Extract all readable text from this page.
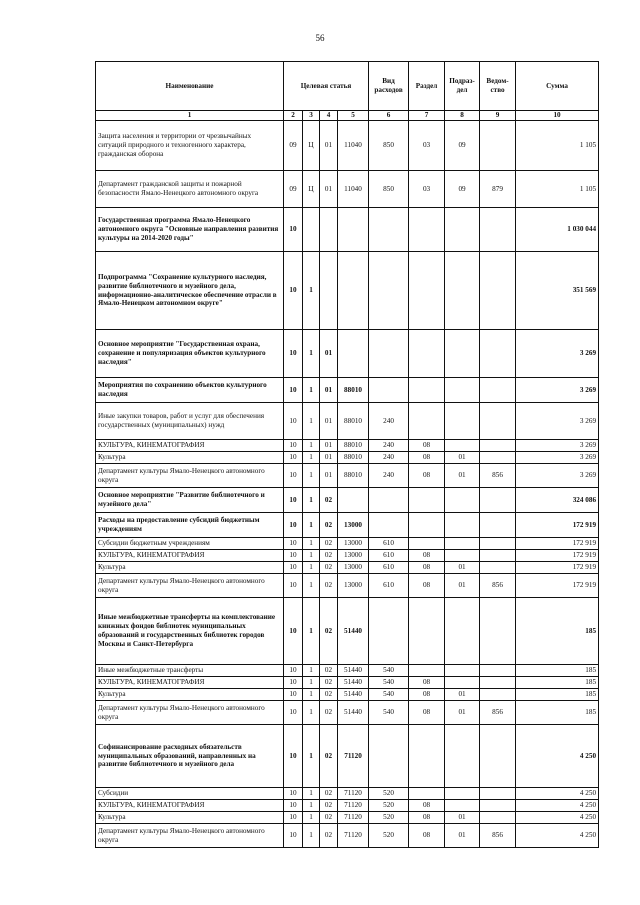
56
Наименование	Целевая статья				Вид расходов	Раздел	Подраз-дел	Ведом-ство	Сумма
1	2	3	4	5	6	7	8	9	10
Защита населения и территории от чрезвычайных ситуаций природного и техногенного характера, гражданская оборона	09	Ц	01	11040	850	03	09		1 105
Департамент гражданской защиты и пожарной безопасности Ямало-Ненецкого автономного округа	09	Ц	01	11040	850	03	09	879	1 105
Государственная программа Ямало-Ненецкого автономного округа "Основные направления развития культуры на 2014-2020 годы"	10								1 030 044
Подпрограмма "Сохранение культурного наследия, развитие библиотечного и музейного дела, информационно-аналитическое обеспечение отрасли в Ямало-Ненецком автономном округе"	10	1							351 569
Основное мероприятие "Государственная охрана, сохранение и популяризация объектов культурного наследия"	10	1	01						3 269
Мероприятия по сохранению объектов культурного наследия	10	1	01	88010					3 269
Иные закупки товаров, работ и услуг для обеспечения государственных (муниципальных) нужд	10	1	01	88010	240				3 269
КУЛЬТУРА, КИНЕМАТОГРАФИЯ	10	1	01	88010	240	08			3 269
Культура	10	1	01	88010	240	08	01		3 269
Департамент культуры Ямало-Ненецкого автономного округа	10	1	01	88010	240	08	01	856	3 269
Основное мероприятие "Развитие библиотечного и музейного дела"	10	1	02						324 086
Расходы на предоставление субсидий бюджетным учреждениям	10	1	02	13000					172 919
Субсидии бюджетным учреждениям	10	1	02	13000	610				172 919
КУЛЬТУРА, КИНЕМАТОГРАФИЯ	10	1	02	13000	610	08			172 919
Культура	10	1	02	13000	610	08	01		172 919
Департамент культуры Ямало-Ненецкого автономного округа	10	1	02	13000	610	08	01	856	172 919
Иные межбюджетные трансферты на комплектование книжных фондов библиотек муниципальных образований и государственных библиотек городов Москвы и Санкт-Петербурга	10	1	02	51440					185
Иные межбюджетные трансферты	10	1	02	51440	540				185
КУЛЬТУРА, КИНЕМАТОГРАФИЯ	10	1	02	51440	540	08			185
Культура	10	1	02	51440	540	08	01		185
Департамент культуры Ямало-Ненецкого автономного округа	10	1	02	51440	540	08	01	856	185
Софинансирование расходных обязательств муниципальных образований, направленных на развитие библиотечного и музейного дела	10	1	02	71120					4 250
Субсидии	10	1	02	71120	520				4 250
КУЛЬТУРА, КИНЕМАТОГРАФИЯ	10	1	02	71120	520	08			4 250
Культура	10	1	02	71120	520	08	01		4 250
Департамент культуры Ямало-Ненецкого автономного округа	10	1	02	71120	520	08	01	856	4 250
